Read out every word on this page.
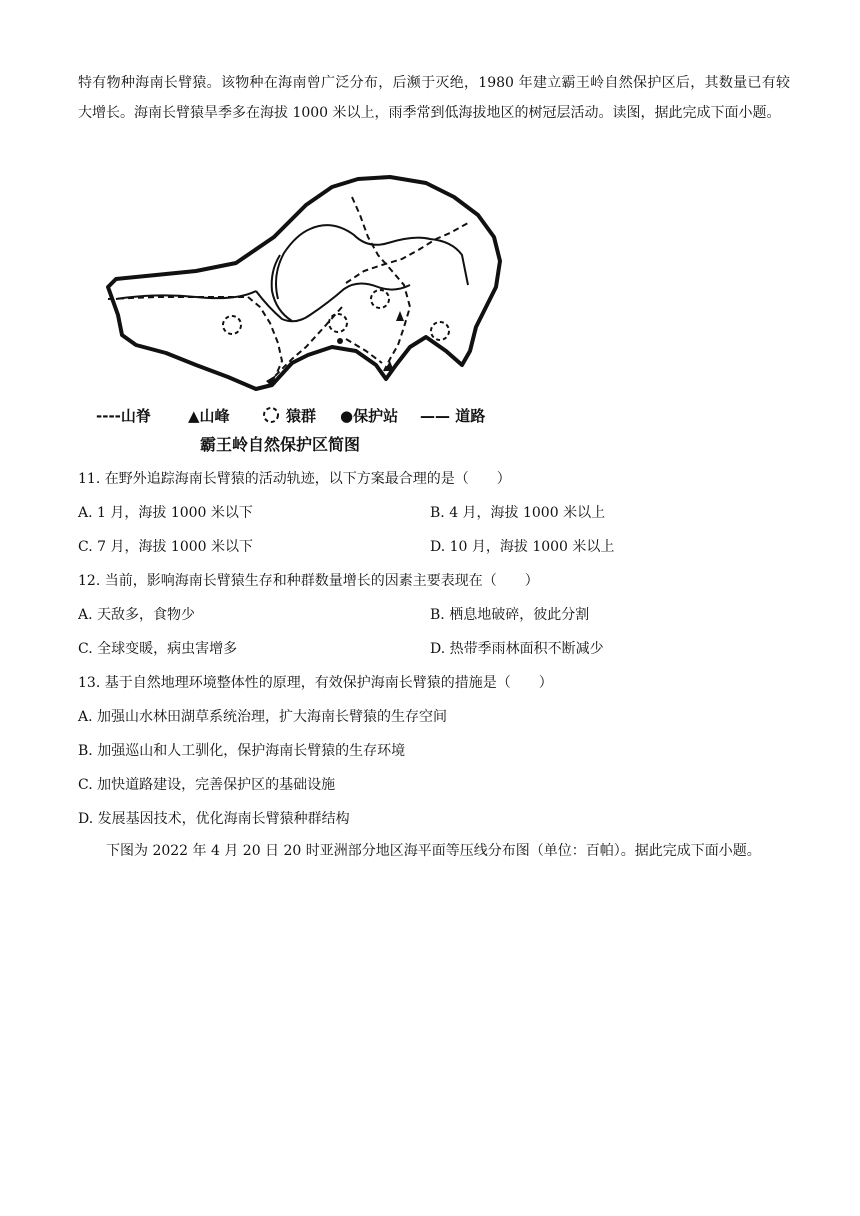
特有物种海南长臂猿。该物种在海南曾广泛分布，后濒于灭绝，1980 年建立霸王岭自然保护区后，其数量已有较大增长。海南长臂猿旱季多在海拔 1000 米以上，雨季常到低海拔地区的树冠层活动。读图，据此完成下面小题。
----山脊 ▲山峰	猿群 ●保护站 —— 道路
霸王岭自然保护区简图
11. 在野外追踪海南长臂猿的活动轨迹，以下方案最合理的是（　　）
A. 1 月，海拔 1000 米以下	B. 4 月，海拔 1000 米以上
C. 7 月，海拔 1000 米以下	D. 10 月，海拔 1000 米以上
12. 当前，影响海南长臂猿生存和种群数量增长的因素主要表现在（　　）
A. 天敌多，食物少	B. 栖息地破碎，彼此分割
C. 全球变暖，病虫害增多	D. 热带季雨林面积不断减少
13. 基于自然地理环境整体性的原理，有效保护海南长臂猿的措施是（　　）
A. 加强山水林田湖草系统治理，扩大海南长臂猿的生存空间
B. 加强巡山和人工驯化，保护海南长臂猿的生存环境
C. 加快道路建设，完善保护区的基础设施
D. 发展基因技术，优化海南长臂猿种群结构
下图为 2022 年 4 月 20 日 20 时亚洲部分地区海平面等压线分布图（单位：百帕）。据此完成下面小题。
